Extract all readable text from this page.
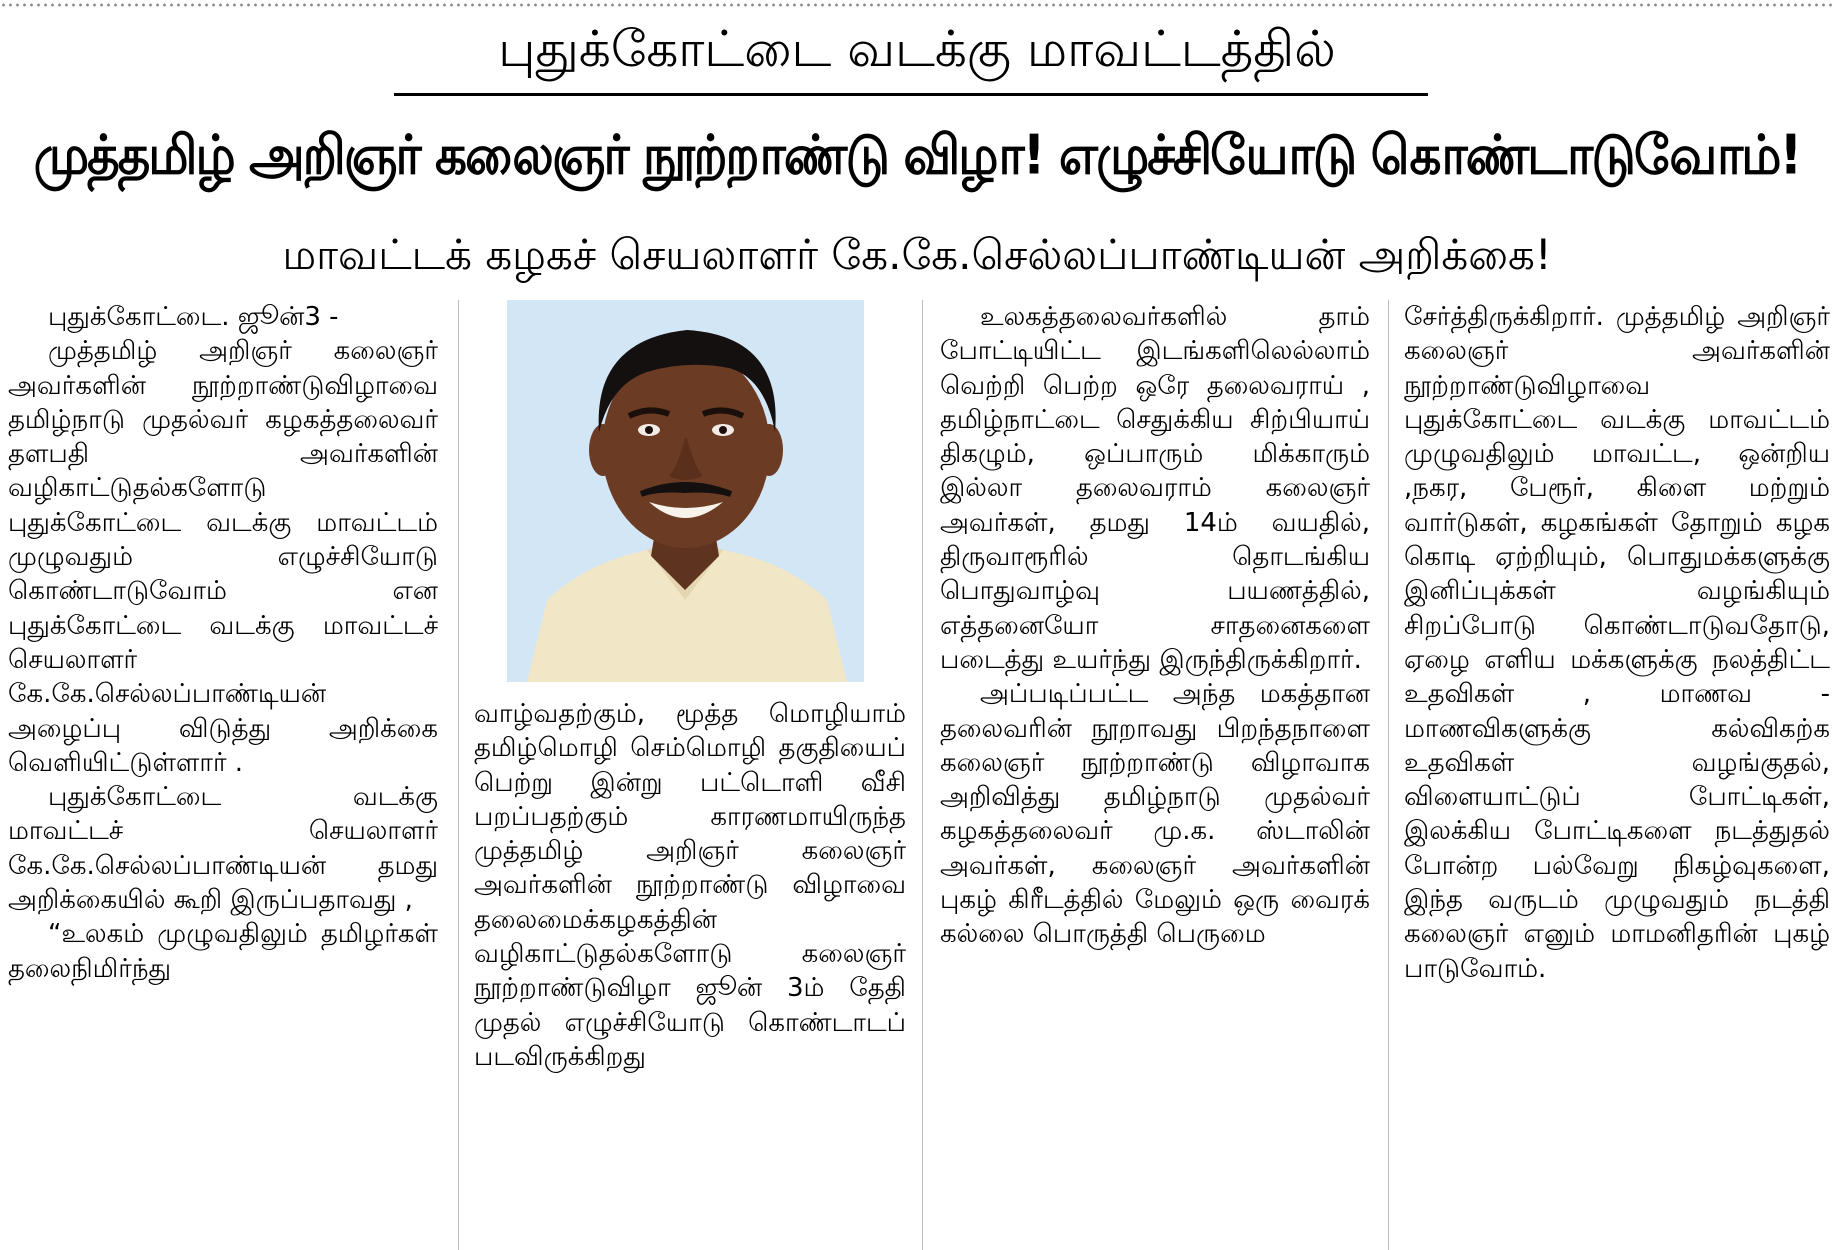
புதுக்கோட்டை வடக்கு மாவட்டத்தில்
முத்தமிழ் அறிஞர் கலைஞர் நூற்றாண்டு விழா! எழுச்சியோடு கொண்டாடுவோம்!
மாவட்டக் கழகச் செயலாளர் கே.கே.செல்லப்பாண்டியன் அறிக்கை!

புதுக்கோட்டை. ஜூன்3 -

முத்தமிழ் அறிஞர் கலைஞர் அவர்களின் நூற்றாண்டுவிழாவை தமிழ்நாடு முதல்வர் கழகத்தலைவர் தளபதி அவர்களின் வழிகாட்டுதல்களோடு புதுக்கோட்டை வடக்கு மாவட்டம் முழுவதும் எழுச்சியோடு கொண்டாடுவோம் என புதுக்கோட்டை வடக்கு மாவட்டச் செயலாளர் கே.கே.செல்லப்பாண்டியன் அழைப்பு விடுத்து அறிக்கை வெளியிட்டுள்ளார் .

புதுக்கோட்டை வடக்கு மாவட்டச் செயலாளர் கே.கே.செல்லப்பாண்டியன் தமது அறிக்கையில் கூறி இருப்பதாவது ,

“உலகம் முழுவதிலும் தமிழர்கள் தலைநிமிர்ந்து

வாழ்வதற்கும், மூத்த மொழியாம் தமிழ்மொழி செம்மொழி தகுதியைப் பெற்று இன்று பட்டொளி வீசி பறப்பதற்கும் காரணமாயிருந்த முத்தமிழ் அறிஞர் கலைஞர் அவர்களின் நூற்றாண்டு விழாவை தலைமைக்கழகத்தின் வழிகாட்டுதல்களோடு கலைஞர் நூற்றாண்டுவிழா ஜூன் 3ம் தேதி முதல் எழுச்சியோடு கொண்டாடப் படவிருக்கிறது

உலகத்தலைவர்களில் தாம் போட்டியிட்ட இடங்களிலெல்லாம் வெற்றி பெற்ற ஒரே தலைவராய் , தமிழ்நாட்டை செதுக்கிய சிற்பியாய் திகழும், ஒப்பாரும் மிக்காரும் இல்லா தலைவராம் கலைஞர் அவர்கள், தமது 14ம் வயதில், திருவாரூரில் தொடங்கிய பொதுவாழ்வு பயணத்தில், எத்தனையோ சாதனைகளை படைத்து உயர்ந்து இருந்திருக்கிறார்.

அப்படிப்பட்ட அந்த மகத்தான தலைவரின் நூறாவது பிறந்தநாளை கலைஞர் நூற்றாண்டு விழாவாக அறிவித்து தமிழ்நாடு முதல்வர் கழகத்தலைவர் மு.க. ஸ்டாலின் அவர்கள், கலைஞர் அவர்களின் புகழ் கிரீடத்தில் மேலும் ஒரு வைரக் கல்லை பொருத்தி பெருமை

சேர்த்திருக்கிறார். முத்தமிழ் அறிஞர் கலைஞர் அவர்களின் நூற்றாண்டுவிழாவை புதுக்கோட்டை வடக்கு மாவட்டம் முழுவதிலும் மாவட்ட, ஒன்றிய ,நகர, பேரூர், கிளை மற்றும் வார்டுகள், கழகங்கள் தோறும் கழக கொடி ஏற்றியும், பொதுமக்களுக்கு இனிப்புக்கள் வழங்கியும் சிறப்போடு கொண்டாடுவதோடு, ஏழை எளிய மக்களுக்கு நலத்திட்ட உதவிகள் , மாணவ - மாணவிகளுக்கு கல்விகற்க உதவிகள் வழங்குதல், விளையாட்டுப் போட்டிகள், இலக்கிய போட்டிகளை நடத்துதல் போன்ற பல்வேறு நிகழ்வுகளை, இந்த வருடம் முழுவதும் நடத்தி கலைஞர் எனும் மாமனிதரின் புகழ் பாடுவோம்.
